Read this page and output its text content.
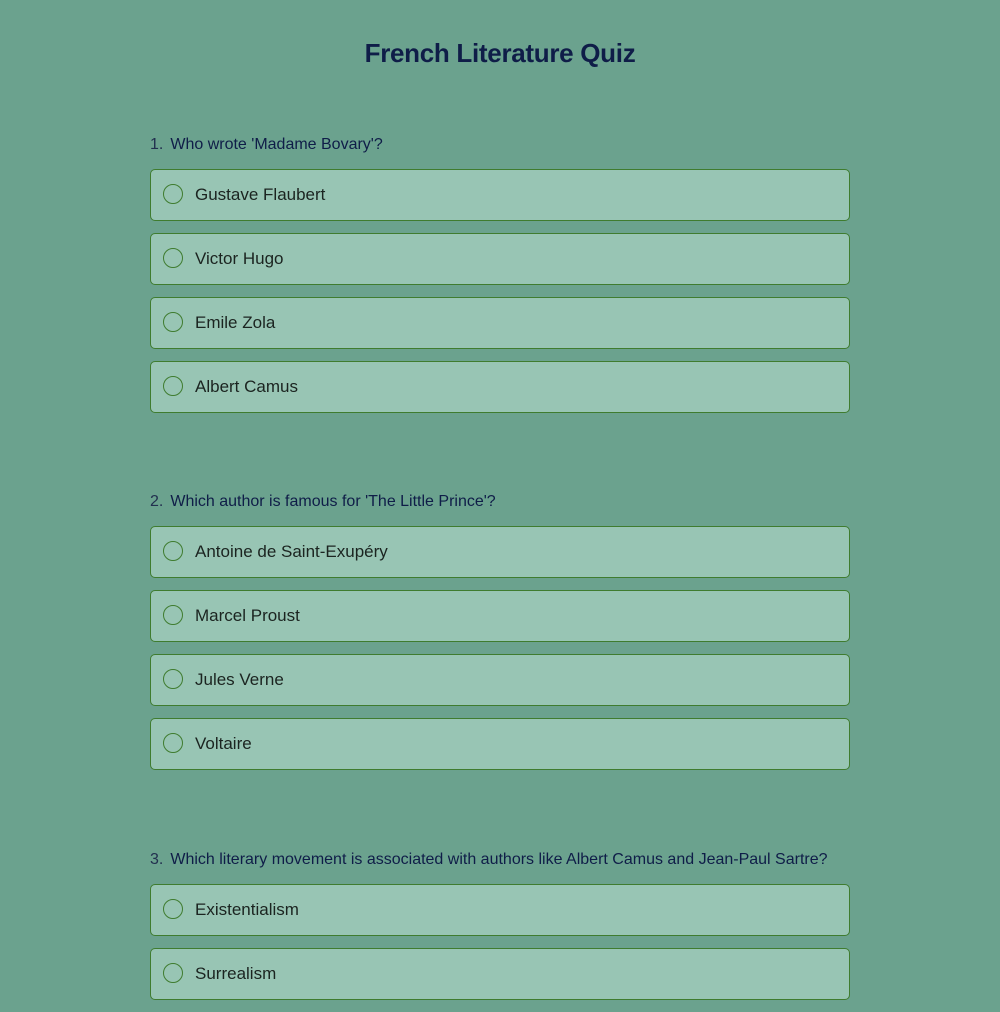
French Literature Quiz
1. Who wrote 'Madame Bovary'?
Gustave Flaubert
Victor Hugo
Emile Zola
Albert Camus
2. Which author is famous for 'The Little Prince'?
Antoine de Saint-Exupéry
Marcel Proust
Jules Verne
Voltaire
3. Which literary movement is associated with authors like Albert Camus and Jean-Paul Sartre?
Existentialism
Surrealism
